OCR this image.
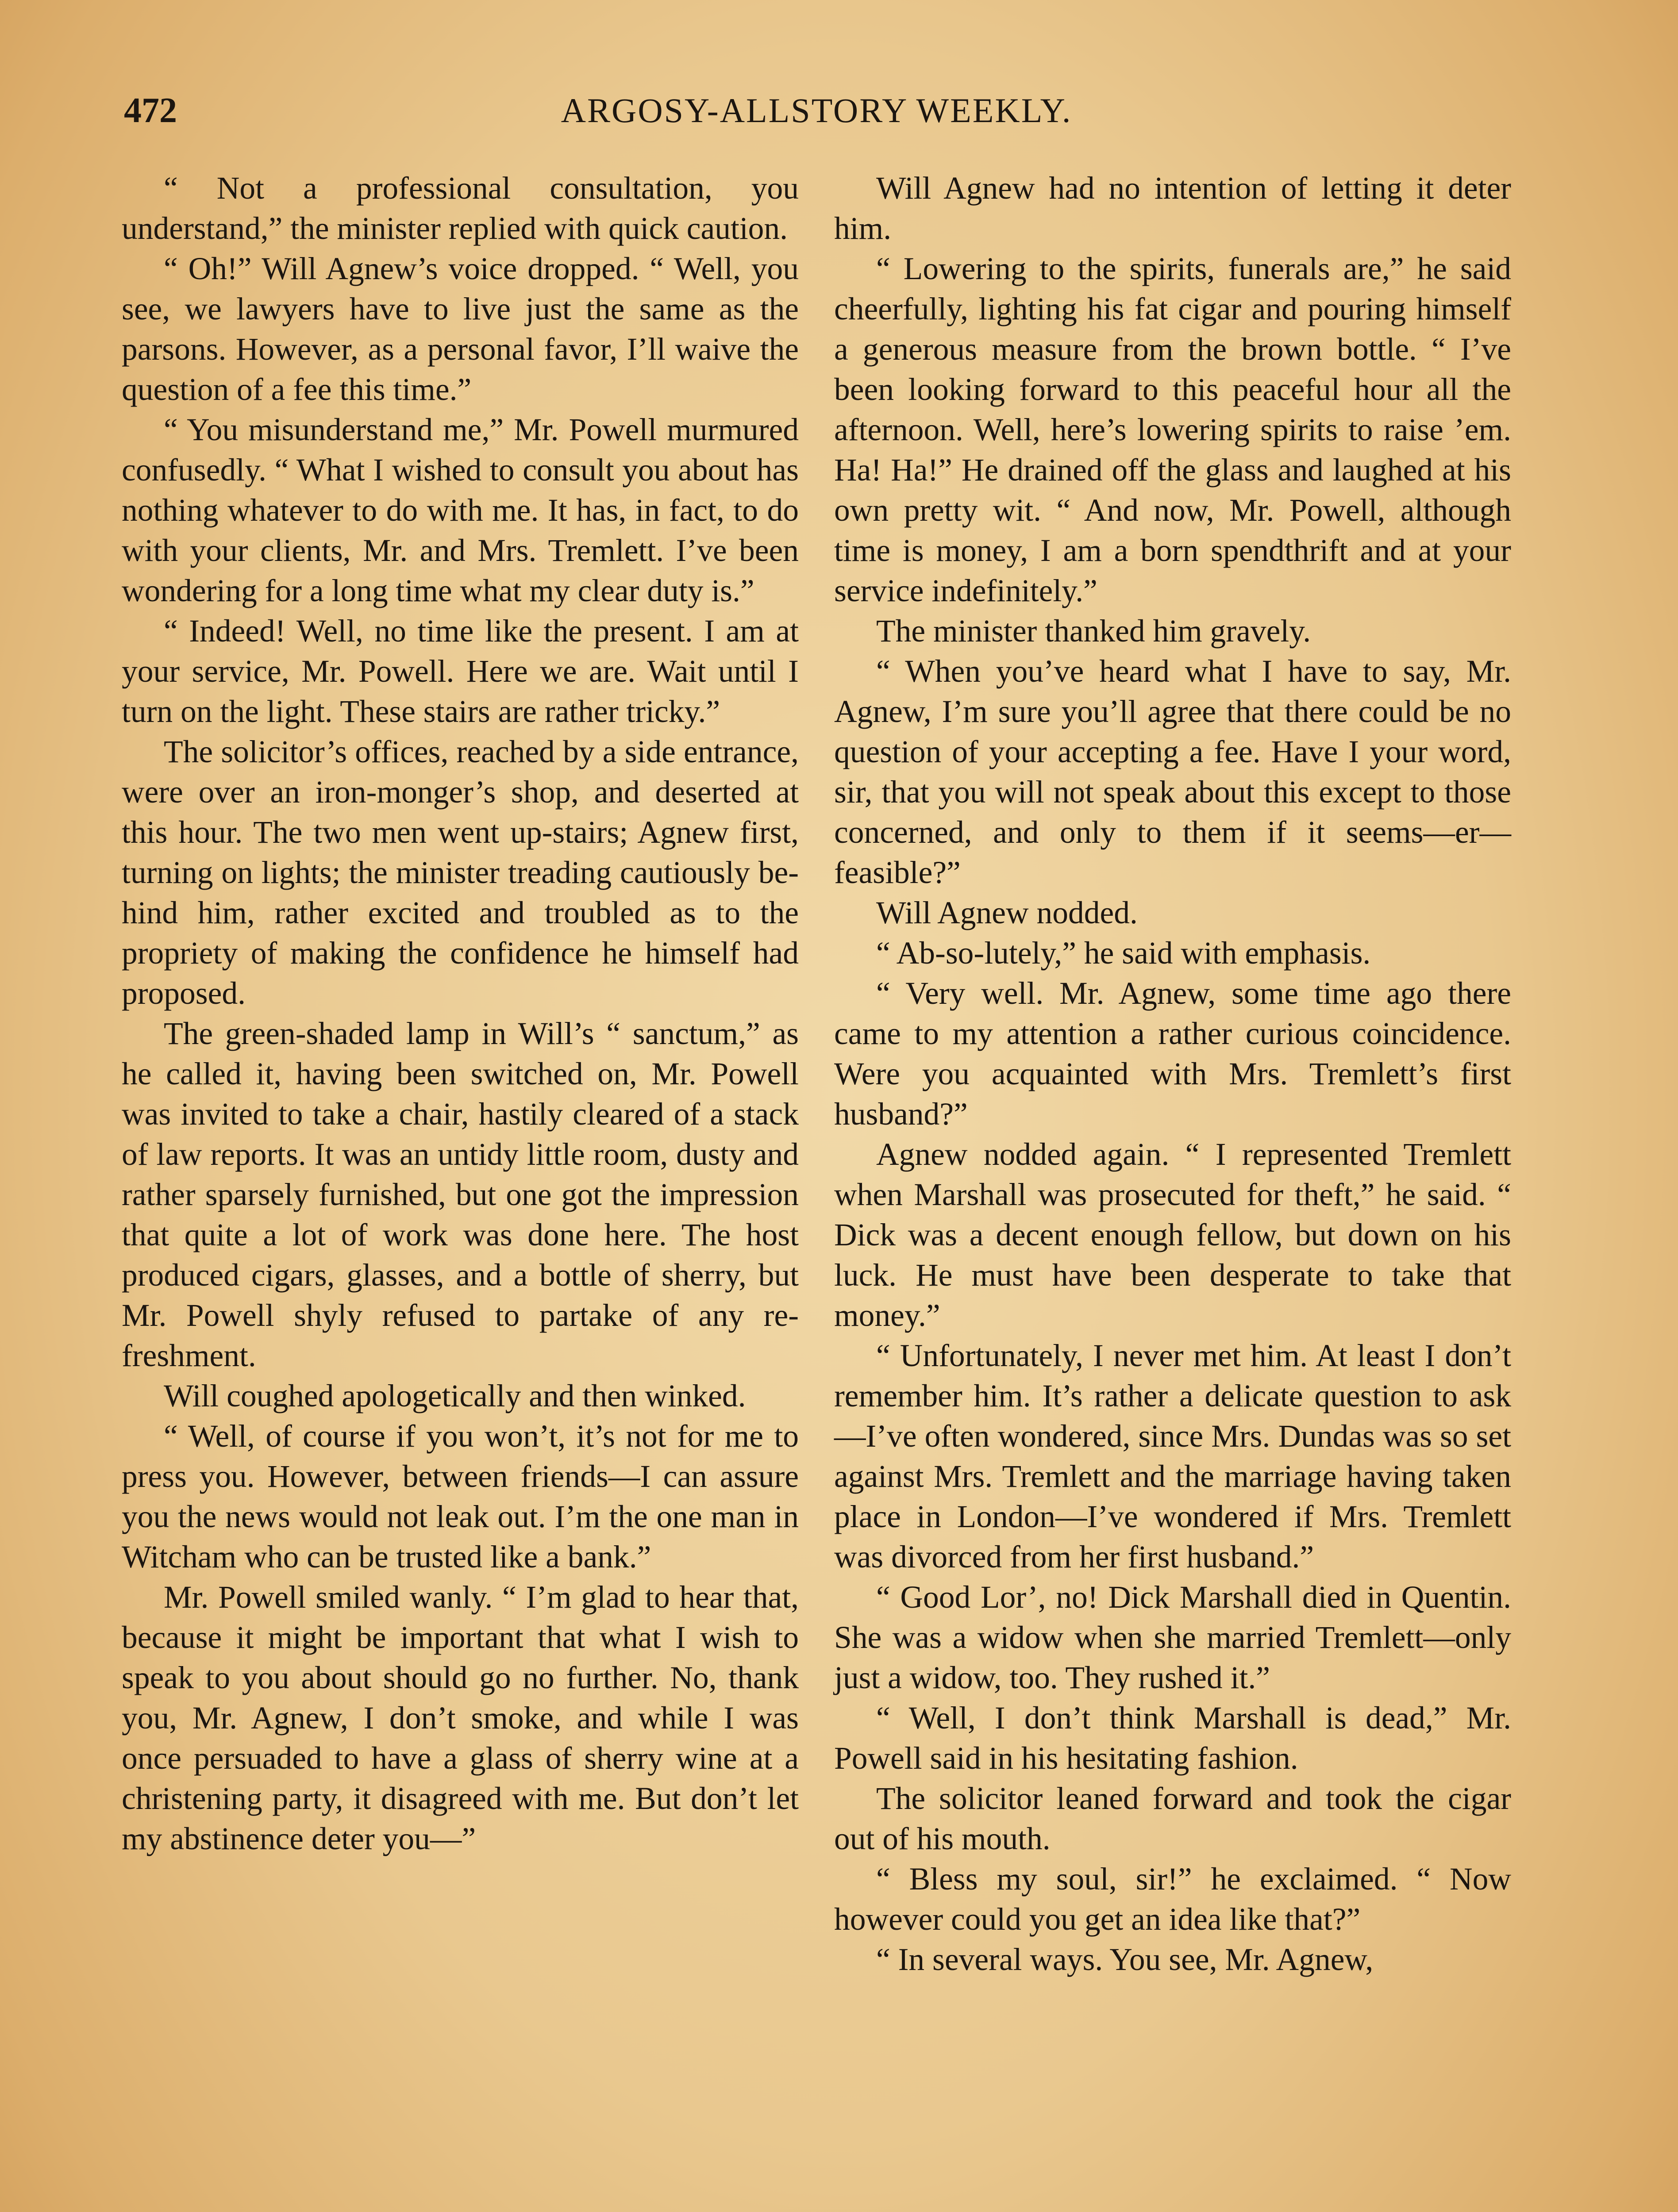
472	ARGOSY-ALLSTORY WEEKLY.

“ Not a professional consultation, you understand,” the minister replied with quick caution.

“ Oh!” Will Agnew’s voice dropped. “ Well, you see, we lawyers have to live just the same as the parsons. However, as a personal favor, I’ll waive the question of a fee this time.”

“ You misunderstand me,” Mr. Powell murmured confusedly. “ What I wished to consult you about has nothing whatever to do with me. It has, in fact, to do with your clients, Mr. and Mrs. Tremlett. I’ve been wondering for a long time what my clear duty is.”

“ Indeed! Well, no time like the present. I am at your service, Mr. Powell. Here we are. Wait until I turn on the light. These stairs are rather tricky.”

The solicitor’s offices, reached by a side entrance, were over an iron-monger’s shop, and deserted at this hour. The two men went up-stairs; Agnew first, turning on lights; the minister treading cautiously behind him, rather excited and troubled as to the propriety of making the confidence he himself had proposed.

The green-shaded lamp in Will’s “ sanctum,” as he called it, having been switched on, Mr. Powell was invited to take a chair, hastily cleared of a stack of law reports. It was an untidy little room, dusty and rather sparsely furnished, but one got the impression that quite a lot of work was done here. The host produced cigars, glasses, and a bottle of sherry, but Mr. Powell shyly refused to partake of any refreshment.

Will coughed apologetically and then winked.

“ Well, of course if you won’t, it’s not for me to press you. However, between friends—I can assure you the news would not leak out. I’m the one man in Witcham who can be trusted like a bank.”

Mr. Powell smiled wanly. “ I’m glad to hear that, because it might be important that what I wish to speak to you about should go no further. No, thank you, Mr. Agnew, I don’t smoke, and while I was once persuaded to have a glass of sherry wine at a christening party, it disagreed with me. But don’t let my abstinence deter you—”

Will Agnew had no intention of letting it deter him.

“ Lowering to the spirits, funerals are,” he said cheerfully, lighting his fat cigar and pouring himself a generous measure from the brown bottle. “ I’ve been looking forward to this peaceful hour all the afternoon. Well, here’s lowering spirits to raise ’em. Ha! Ha!” He drained off the glass and laughed at his own pretty wit. “ And now, Mr. Powell, although time is money, I am a born spendthrift and at your service indefinitely.”

The minister thanked him gravely.

“ When you’ve heard what I have to say, Mr. Agnew, I’m sure you’ll agree that there could be no question of your accepting a fee. Have I your word, sir, that you will not speak about this except to those concerned, and only to them if it seems—er—feasible?”

Will Agnew nodded.

“ Ab-so-lutely,” he said with emphasis.

“ Very well. Mr. Agnew, some time ago there came to my attention a rather curious coincidence. Were you acquainted with Mrs. Tremlett’s first husband?”

Agnew nodded again. “ I represented Tremlett when Marshall was prosecuted for theft,” he said. “ Dick was a decent enough fellow, but down on his luck. He must have been desperate to take that money.”

“ Unfortunately, I never met him. At least I don’t remember him. It’s rather a delicate question to ask—I’ve often wondered, since Mrs. Dundas was so set against Mrs. Tremlett and the marriage having taken place in London—I’ve wondered if Mrs. Tremlett was divorced from her first husband.”

“ Good Lor’, no! Dick Marshall died in Quentin. She was a widow when she married Tremlett—only just a widow, too. They rushed it.”

“ Well, I don’t think Marshall is dead,” Mr. Powell said in his hesitating fashion.

The solicitor leaned forward and took the cigar out of his mouth.

“ Bless my soul, sir!” he exclaimed. “ Now however could you get an idea like that?”

“ In several ways. You see, Mr. Agnew,
